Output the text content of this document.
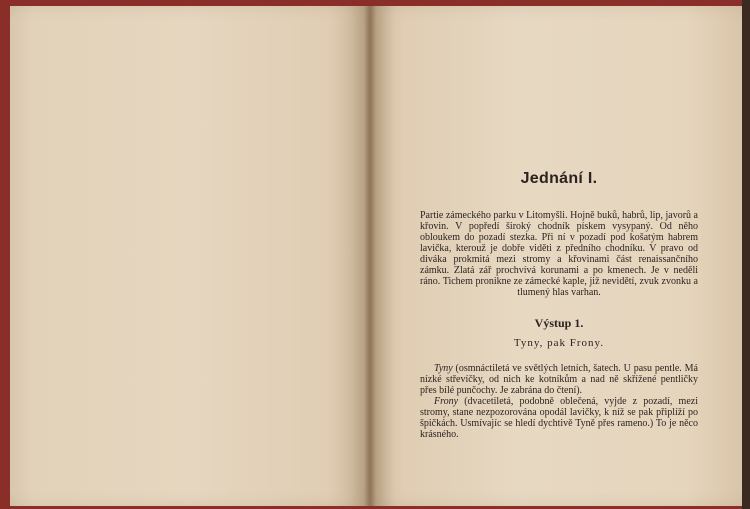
Jednání I.

Partie zámeckého parku v Litomyšli. Hojně buků, habrů, lip, javorů a křovin. V popředí široký chodník pískem vysypaný. Od něho obloukem do pozadí stezka. Při ní v pozadí pod košatým habrem lavička, kterouž je dobře viděti z předního chodníku. V pravo od diváka prokmitá mezi stromy a křovinami část renaissančního zámku. Zlatá zář prochvívá korunami a po kmenech. Je v neděli ráno. Tichem pronikne ze zámecké kaple, již nevidětí, zvuk zvonku a tlumený hlas varhan.

Výstup 1.
Tyny, pak Frony.

Tyny (osmnáctiletá ve světlých letních, šatech. U pasu pentle. Má nízké střevíčky, od nich ke kotníkům a nad ně skřížené pentličky přes bílé punčochy. Je zabrána do čtení).

Frony (dvacetiletá, podobně oblečená, vyjde z pozadí, mezi stromy, stane nezpozorována opodál lavičky, k níž se pak připlíží po špičkách. Usmívajíc se hledí dychtivě Tyně přes rameno.) To je něco krásného.
